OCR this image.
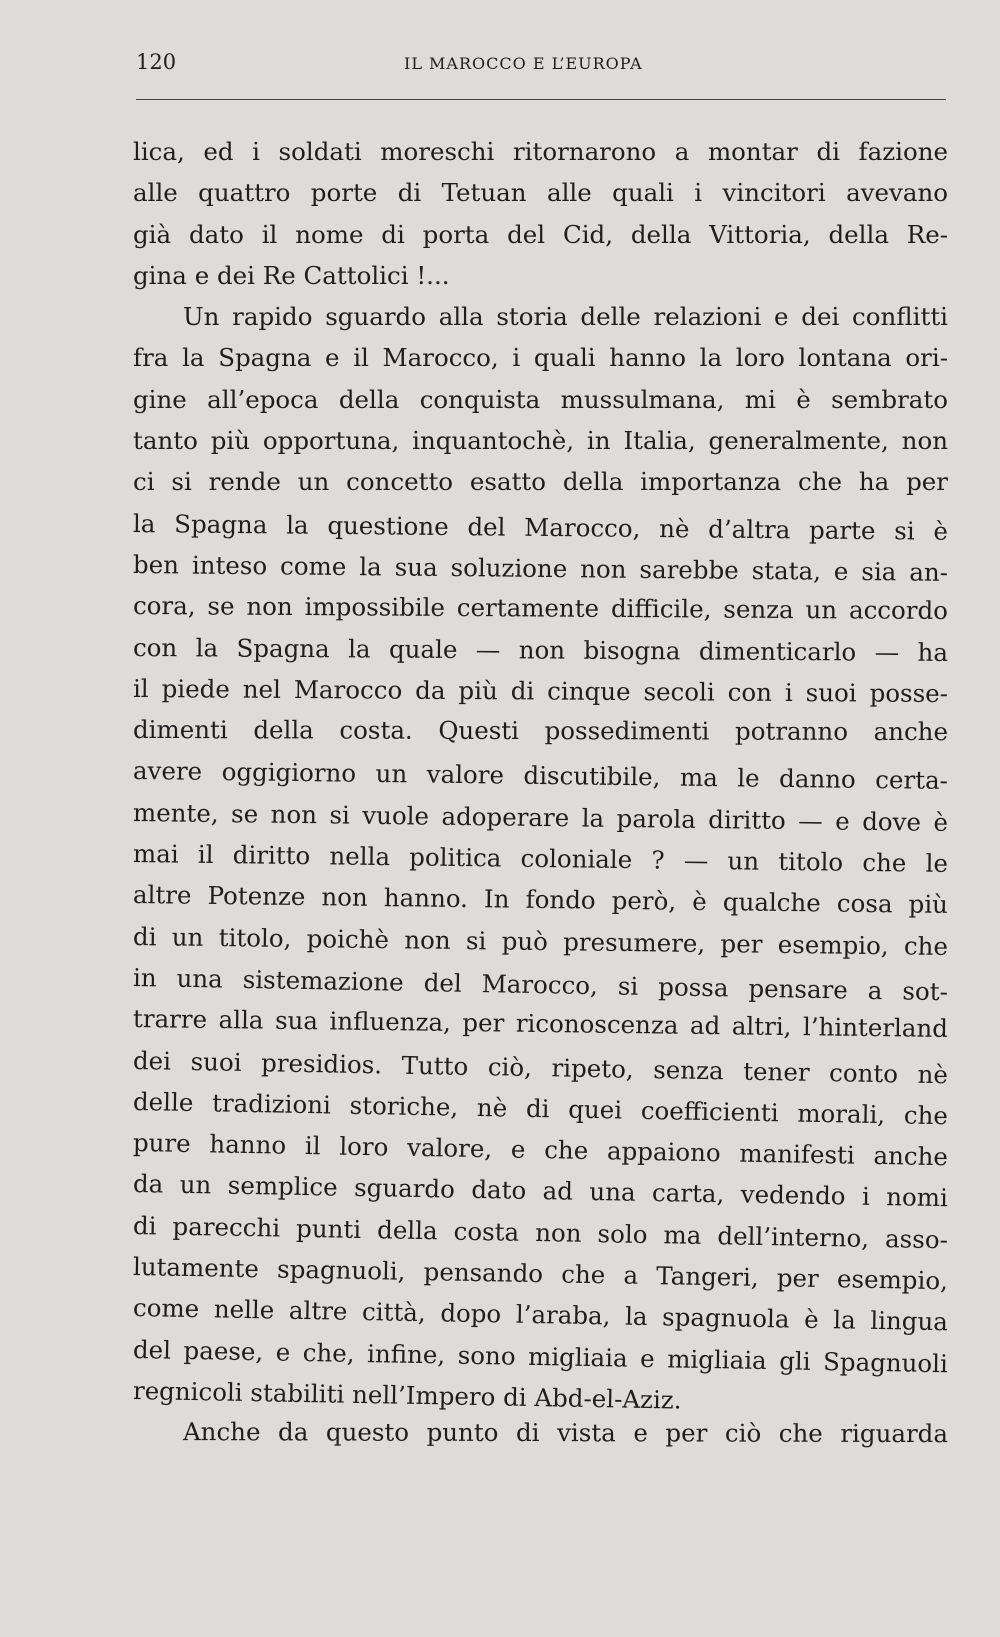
120	IL MAROCCO E L’EUROPA
lica, ed i soldati moreschi ritornarono a montar di fazione
alle quattro porte di Tetuan alle quali i vincitori avevano
già dato il nome di porta del Cid, della Vittoria, della Re-
gina e dei Re Cattolici !...
Un rapido sguardo alla storia delle relazioni e dei conflitti
fra la Spagna e il Marocco, i quali hanno la loro lontana ori-
gine all’epoca della conquista mussulmana, mi è sembrato
tanto più opportuna, inquantochè, in Italia, generalmente, non
ci si rende un concetto esatto della importanza che ha per
la Spagna la questione del Marocco, nè d’altra parte si è
ben inteso come la sua soluzione non sarebbe stata, e sia an-
cora, se non impossibile certamente difficile, senza un accordo
con la Spagna la quale — non bisogna dimenticarlo — ha
il piede nel Marocco da più di cinque secoli con i suoi posse-
dimenti della costa. Questi possedimenti potranno anche
avere oggigiorno un valore discutibile, ma le danno certa-
mente, se non si vuole adoperare la parola diritto — e dove è
mai il diritto nella politica coloniale ? — un titolo che le
altre Potenze non hanno. In fondo però, è qualche cosa più
di un titolo, poichè non si può presumere, per esempio, che
in una sistemazione del Marocco, si possa pensare a sot-
trarre alla sua influenza, per riconoscenza ad altri, l’hinterland
dei suoi presidios. Tutto ciò, ripeto, senza tener conto nè
delle tradizioni storiche, nè di quei coefficienti morali, che
pure hanno il loro valore, e che appaiono manifesti anche
da un semplice sguardo dato ad una carta, vedendo i nomi
di parecchi punti della costa non solo ma dell’interno, asso-
lutamente spagnuoli, pensando che a Tangeri, per esempio,
come nelle altre città, dopo l’araba, la spagnuola è la lingua
del paese, e che, infine, sono migliaia e migliaia gli Spagnuoli
regnicoli stabiliti nell’Impero di Abd-el-Aziz.
Anche da questo punto di vista e per ciò che riguarda
